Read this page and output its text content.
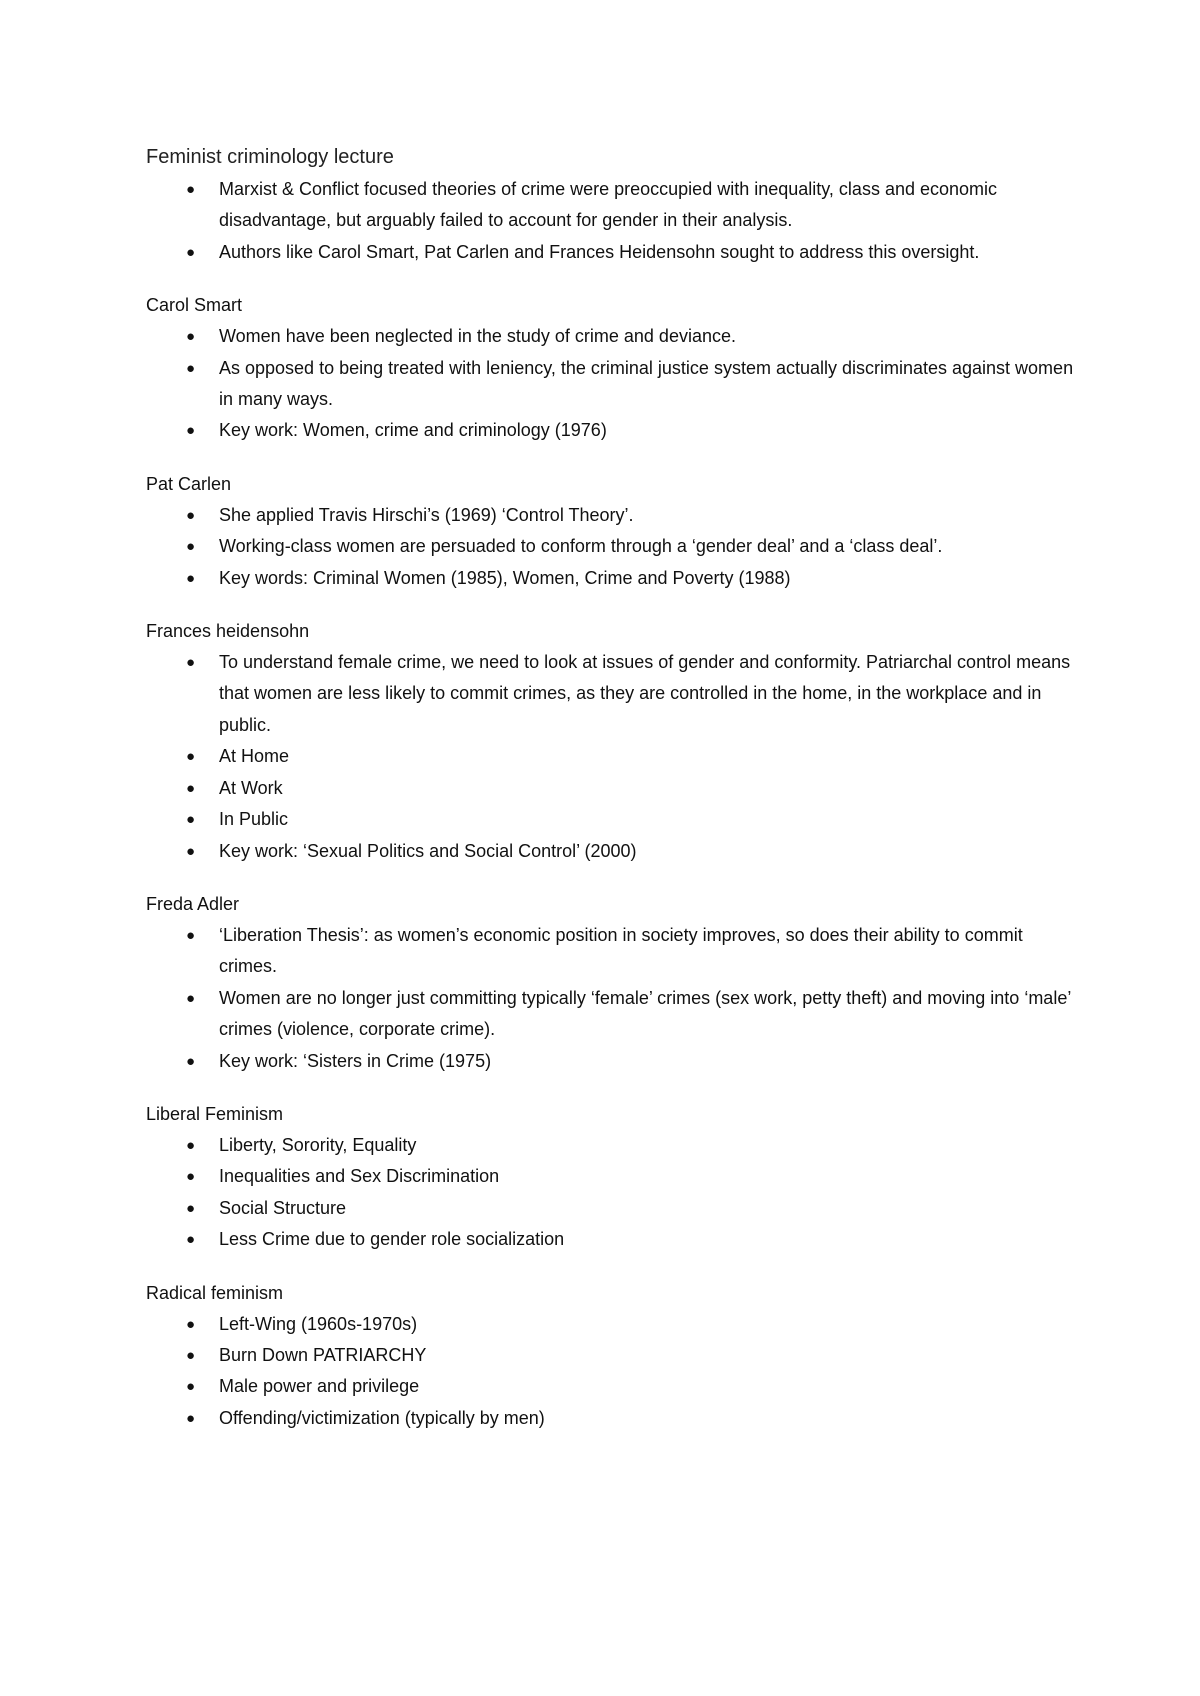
Feminist criminology lecture
● Marxist & Conflict focused theories of crime were preoccupied with inequality, class and economic disadvantage, but arguably failed to account for gender in their analysis.
● Authors like Carol Smart, Pat Carlen and Frances Heidensohn sought to address this oversight.

Carol Smart

● Women have been neglected in the study of crime and deviance.
● As opposed to being treated with leniency, the criminal justice system actually discriminates against women in many ways.
● Key work: Women, crime and criminology (1976)

Pat Carlen

● She applied Travis Hirschi’s (1969) ‘Control Theory’.
● Working-class women are persuaded to conform through a ‘gender deal’ and a ‘class deal’.
● Key words: Criminal Women (1985), Women, Crime and Poverty (1988)

Frances heidensohn

● To understand female crime, we need to look at issues of gender and conformity. Patriarchal control means that women are less likely to commit crimes, as they are controlled in the home, in the workplace and in public.
● At Home
● At Work
● In Public
● Key work: ‘Sexual Politics and Social Control’ (2000)

Freda Adler

● ‘Liberation Thesis’: as women’s economic position in society improves, so does their ability to commit crimes.
● Women are no longer just committing typically ‘female’ crimes (sex work, petty theft) and moving into ‘male’ crimes (violence, corporate crime).
● Key work: ‘Sisters in Crime (1975)

Liberal Feminism

● Liberty, Sorority, Equality
● Inequalities and Sex Discrimination
● Social Structure
● Less Crime due to gender role socialization

Radical feminism

● Left-Wing (1960s-1970s)
● Burn Down PATRIARCHY
● Male power and privilege
● Offending/victimization (typically by men)
